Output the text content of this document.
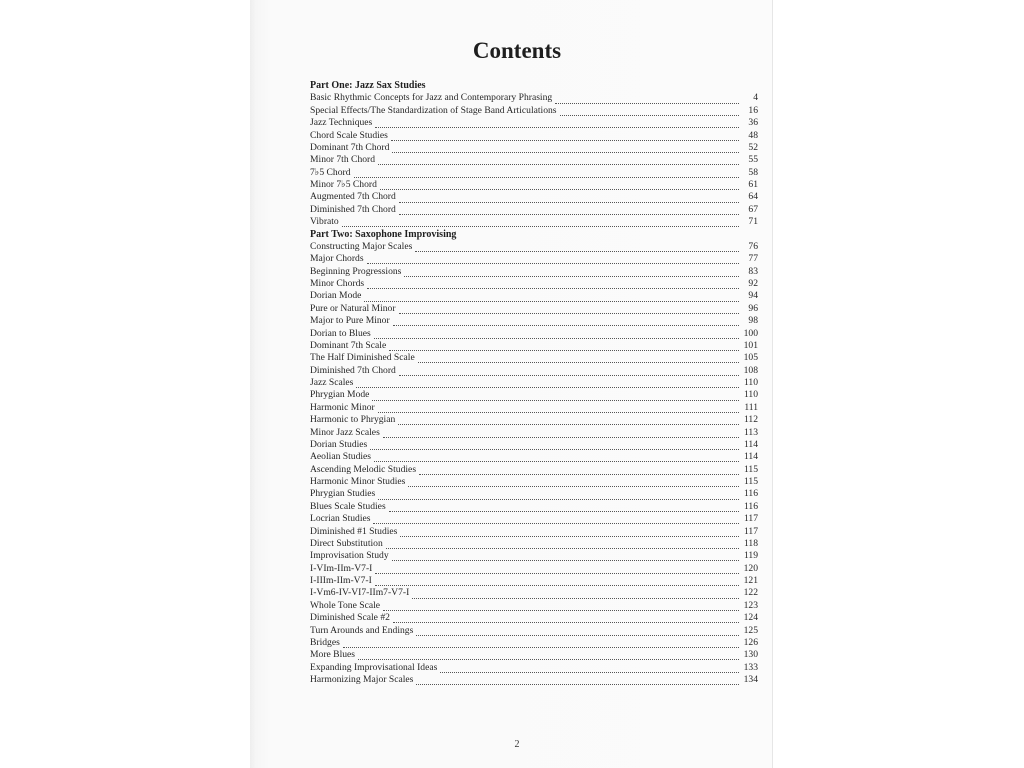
Contents
Part One: Jazz Sax Studies
Basic Rhythmic Concepts for Jazz and Contemporary Phrasing	4
Special Effects/The Standardization of Stage Band Articulations	16
Jazz Techniques	36
Chord Scale Studies	48
Dominant 7th Chord	52
Minor 7th Chord	55
7♭5 Chord	58
Minor 7♭5 Chord	61
Augmented 7th Chord	64
Diminished 7th Chord	67
Vibrato	71
Part Two: Saxophone Improvising
Constructing Major Scales	76
Major Chords	77
Beginning Progressions	83
Minor Chords	92
Dorian Mode	94
Pure or Natural Minor	96
Major to Pure Minor	98
Dorian to Blues	100
Dominant 7th Scale	101
The Half Diminished Scale	105
Diminished 7th Chord	108
Jazz Scales	110
Phrygian Mode	110
Harmonic Minor	111
Harmonic to Phrygian	112
Minor Jazz Scales	113
Dorian Studies	114
Aeolian Studies	114
Ascending Melodic Studies	115
Harmonic Minor Studies	115
Phrygian Studies	116
Blues Scale Studies	116
Locrian Studies	117
Diminished #1 Studies	117
Direct Substitution	118
Improvisation Study	119
I-VIm-IIm-V7-I	120
I-IIIm-IIm-V7-I	121
I-Vm6-IV-VI7-IIm7-V7-I	122
Whole Tone Scale	123
Diminished Scale #2	124
Turn Arounds and Endings	125
Bridges	126
More Blues	130
Expanding Improvisational Ideas	133
Harmonizing Major Scales	134
2
